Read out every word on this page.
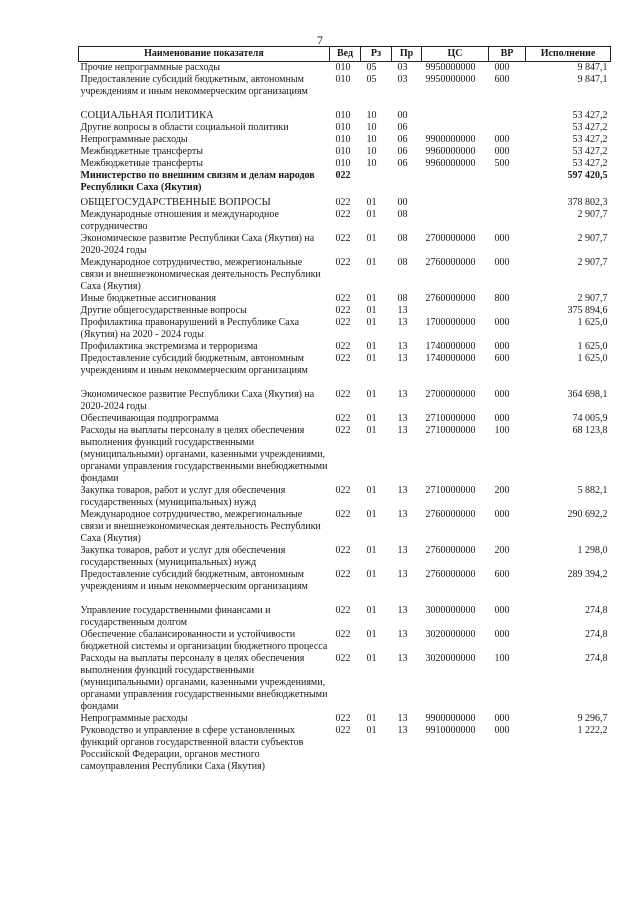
7
Наименование показателя	Вед	Рз	Пр	ЦС	ВР	Исполнение
Прочие непрограммные расходы	010	05	03	9950000000	000	9 847,1
Предоставление субсидий бюджетным, автономным учреждениям и иным некоммерческим организациям	010	05	03	9950000000	600	9 847,1
СОЦИАЛЬНАЯ ПОЛИТИКА	010	10	00			53 427,2
Другие вопросы в области социальной политики	010	10	06			53 427,2
Непрограммные расходы	010	10	06	9900000000	000	53 427,2
Межбюджетные трансферты	010	10	06	9960000000	000	53 427,2
Межбюджетные трансферты	010	10	06	9960000000	500	53 427,2
Министерство по внешним связям и делам народов Республики Саха (Якутия)	022					597 420,5
ОБЩЕГОСУДАРСТВЕННЫЕ ВОПРОСЫ	022	01	00			378 802,3
Международные отношения и международное сотрудничество	022	01	08			2 907,7
Экономическое развитие Республики Саха (Якутия) на 2020-2024 годы	022	01	08	2700000000	000	2 907,7
Международное сотрудничество, межрегиональные связи и внешнеэкономическая деятельность Республики Саха (Якутия)	022	01	08	2760000000	000	2 907,7
Иные бюджетные ассигнования	022	01	08	2760000000	800	2 907,7
Другие общегосударственные вопросы	022	01	13			375 894,6
Профилактика правонарушений в Республике Саха (Якутия) на 2020 - 2024 годы	022	01	13	1700000000	000	1 625,0
Профилактика экстремизма и терроризма	022	01	13	1740000000	000	1 625,0
Предоставление субсидий бюджетным, автономным учреждениям и иным некоммерческим организациям	022	01	13	1740000000	600	1 625,0
Экономическое развитие Республики Саха (Якутия) на 2020-2024 годы	022	01	13	2700000000	000	364 698,1
Обеспечивающая подпрограмма	022	01	13	2710000000	000	74 005,9
Расходы на выплаты персоналу в целях обеспечения выполнения функций государственными (муниципальными) органами, казенными учреждениями, органами управления государственными внебюджетными фондами	022	01	13	2710000000	100	68 123,8
Закупка товаров, работ и услуг для обеспечения государственных (муниципальных) нужд	022	01	13	2710000000	200	5 882,1
Международное сотрудничество, межрегиональные связи и внешнеэкономическая деятельность Республики Саха (Якутия)	022	01	13	2760000000	000	290 692,2
Закупка товаров, работ и услуг для обеспечения государственных (муниципальных) нужд	022	01	13	2760000000	200	1 298,0
Предоставление субсидий бюджетным, автономным учреждениям и иным некоммерческим организациям	022	01	13	2760000000	600	289 394,2
Управление государственными финансами и государственным долгом	022	01	13	3000000000	000	274,8
Обеспечение сбалансированности и устойчивости бюджетной системы и организации бюджетного процесса	022	01	13	3020000000	000	274,8
Расходы на выплаты персоналу в целях обеспечения выполнения функций государственными (муниципальными) органами, казенными учреждениями, органами управления государственными внебюджетными фондами	022	01	13	3020000000	100	274,8
Непрограммные расходы	022	01	13	9900000000	000	9 296,7
Руководство и управление в сфере установленных функций органов государственной власти субъектов Российской Федерации, органов местного самоуправления Республики Саха (Якутия)	022	01	13	9910000000	000	1 222,2
